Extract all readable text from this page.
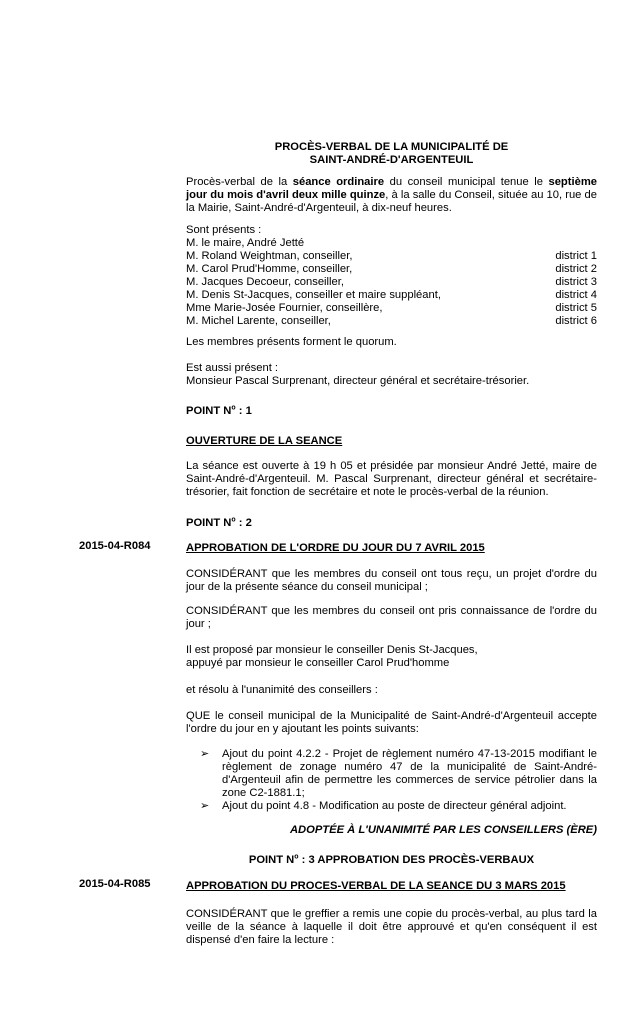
PROCÈS-VERBAL DE LA MUNICIPALITÉ DE
SAINT-ANDRÉ-D'ARGENTEUIL
Procès-verbal de la séance ordinaire du conseil municipal tenue le septième jour du mois d'avril deux mille quinze, à la salle du Conseil, située au 10, rue de la Mairie, Saint-André-d'Argenteuil, à dix-neuf heures.
Sont présents :
M. le maire, André Jetté
M. Roland Weightman, conseiller,	district 1
M. Carol Prud'Homme, conseiller,	district 2
M. Jacques Decoeur, conseiller,	district 3
M. Denis St-Jacques, conseiller et maire suppléant,	district 4
Mme Marie-Josée Fournier, conseillère,	district 5
M. Michel Larente, conseiller,	district 6
Les membres présents forment le quorum.
Est aussi présent :
Monsieur Pascal Surprenant, directeur général et secrétaire-trésorier.
POINT $N^o$ : 1
OUVERTURE DE LA SEANCE
La séance est ouverte à 19 h 05 et présidée par monsieur André Jetté, maire de Saint-André-d'Argenteuil. M. Pascal Surprenant, directeur général et secrétaire-trésorier, fait fonction de secrétaire et note le procès-verbal de la réunion.
POINT $N^o$ : 2
2015-04-R084	APPROBATION DE L'ORDRE DU JOUR DU 7 AVRIL 2015
CONSIDÉRANT que les membres du conseil ont tous reçu, un projet d'ordre du jour de la présente séance du conseil municipal ;
CONSIDÉRANT que les membres du conseil ont pris connaissance de l'ordre du jour ;
Il est proposé par monsieur le conseiller Denis St-Jacques,
appuyé par monsieur le conseiller Carol Prud'homme
et résolu à l'unanimité des conseillers :
QUE le conseil municipal de la Municipalité de Saint-André-d'Argenteuil accepte l'ordre du jour en y ajoutant les points suivants:
➢	Ajout du point 4.2.2 - Projet de règlement numéro 47-13-2015 modifiant le règlement de zonage numéro 47 de la municipalité de Saint-André-d'Argenteuil afin de permettre les commerces de service pétrolier dans la zone C2-1881.1;
➢	Ajout du point 4.8 - Modification au poste de directeur général adjoint.
ADOPTÉE À L'UNANIMITÉ PAR LES CONSEILLERS (ÈRE)
POINT $N^o$ : 3 APPROBATION DES PROCÈS-VERBAUX
2015-04-R085	APPROBATION DU PROCES-VERBAL DE LA SEANCE DU 3 MARS 2015
CONSIDÉRANT que le greffier a remis une copie du procès-verbal, au plus tard la veille de la séance à laquelle il doit être approuvé et qu'en conséquent il est dispensé d'en faire la lecture :
